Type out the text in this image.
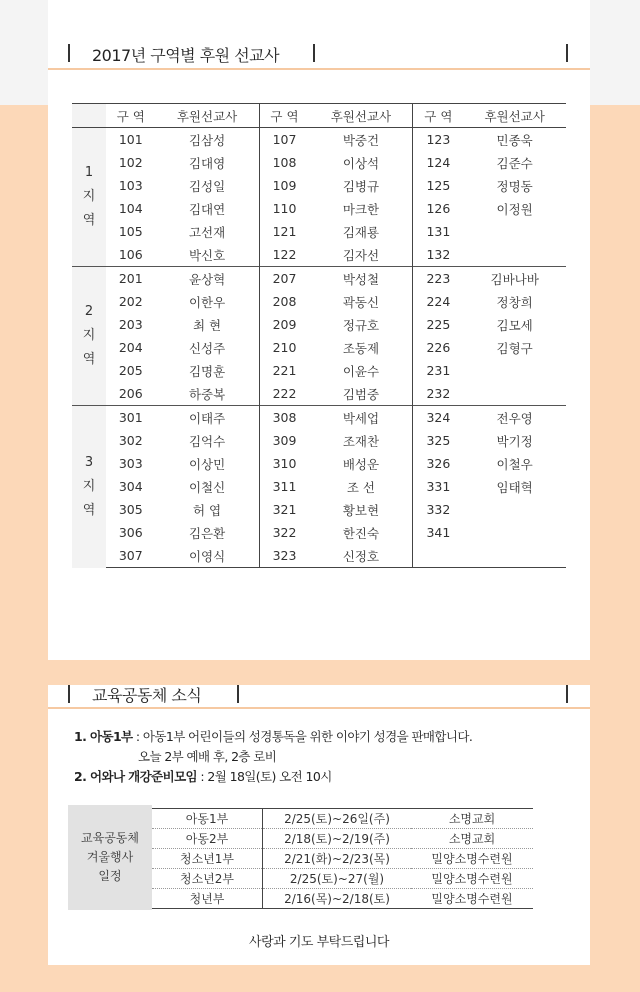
2017년 구역별 후원 선교사
	구 역	후원선교사	구 역	후원선교사	구 역	후원선교사

1
지
역	101	김삼성	107	박중건	123	민종욱
	102	김대영	108	이상석	124	김준수
	103	김성일	109	김병규	125	정명동
	104	김대연	110	마크한	126	이정원
	105	고선재	121	김재룡	131	
	106	박신호	122	김자선	132	

2
지
역	201	윤상혁	207	박성철	223	김바나바
	202	이한우	208	곽동신	224	정창희
	203	최 현	209	정규호	225	김모세
	204	신성주	210	조동제	226	김형구
	205	김명훈	221	이윤수	231	
	206	하중복	222	김범중	232	

3
지
역	301	이태주	308	박세업	324	전우영
	302	김억수	309	조재찬	325	박기정
	303	이상민	310	배성운	326	이철우
	304	이철신	311	조 선	331	임태혁
	305	허 엽	321	황보현	332	
	306	김은환	322	한진숙	341	
	307	이영식	323	신정호		
교육공동체 소식
1. 아동1부 : 아동1부 어린이들의 성경통독을 위한 이야기 성경을 판매합니다.
오늘 2부 예배 후, 2층 로비
2. 어와나 개강준비모임 : 2월 18일(토) 오전 10시
교육공동체
겨울행사
일정
아동1부	2/25(토)~26일(주)	소명교회
아동2부	2/18(토)~2/19(주)	소명교회
청소년1부	2/21(화)~2/23(목)	밀양소명수련원
청소년2부	2/25(토)~27(월)	밀양소명수련원
청년부	2/16(목)~2/18(토)	밀양소명수련원
사랑과 기도 부탁드립니다
